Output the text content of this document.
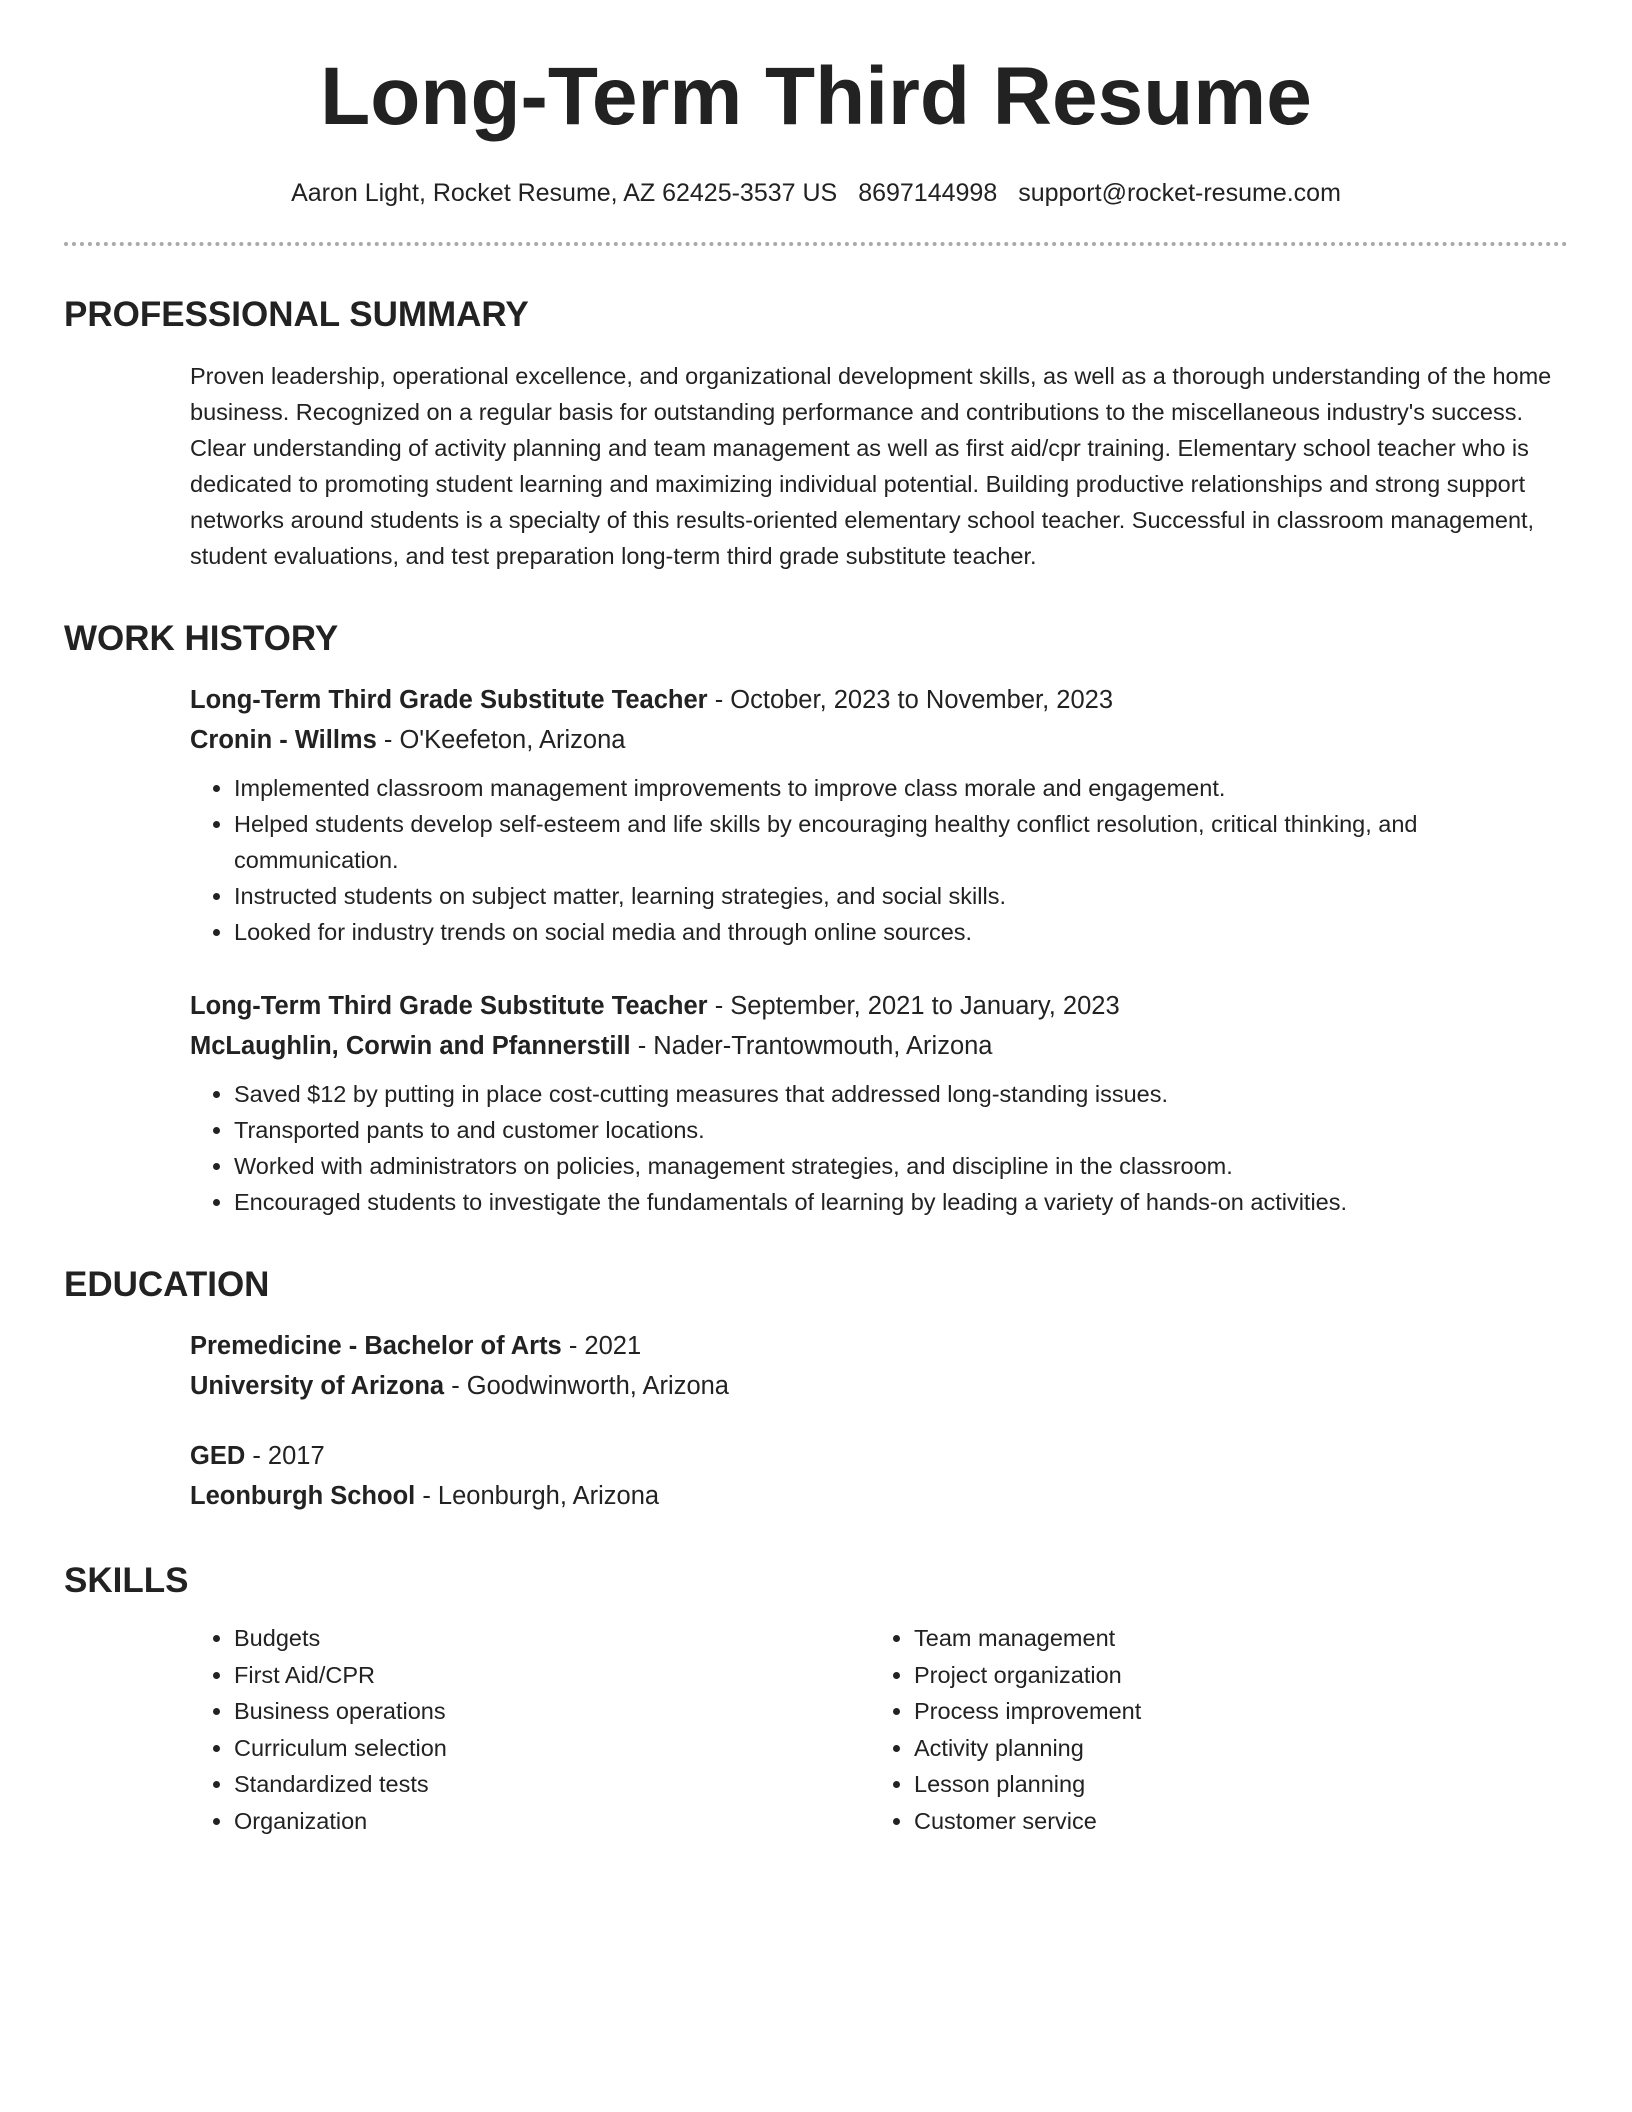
Long-Term Third Resume
Aaron Light, Rocket Resume, AZ 62425-3537 US 8697144998 support@rocket-resume.com
PROFESSIONAL SUMMARY
Proven leadership, operational excellence, and organizational development skills, as well as a thorough understanding of the home business. Recognized on a regular basis for outstanding performance and contributions to the miscellaneous industry's success. Clear understanding of activity planning and team management as well as first aid/cpr training. Elementary school teacher who is dedicated to promoting student learning and maximizing individual potential. Building productive relationships and strong support networks around students is a specialty of this results-oriented elementary school teacher. Successful in classroom management, student evaluations, and test preparation long-term third grade substitute teacher.
WORK HISTORY
Long-Term Third Grade Substitute Teacher - October, 2023 to November, 2023
Cronin - Willms - O'Keefeton, Arizona
• Implemented classroom management improvements to improve class morale and engagement.
• Helped students develop self-esteem and life skills by encouraging healthy conflict resolution, critical thinking, and communication.
• Instructed students on subject matter, learning strategies, and social skills.
• Looked for industry trends on social media and through online sources.
Long-Term Third Grade Substitute Teacher - September, 2021 to January, 2023
McLaughlin, Corwin and Pfannerstill - Nader-Trantowmouth, Arizona
• Saved $12 by putting in place cost-cutting measures that addressed long-standing issues.
• Transported pants to and customer locations.
• Worked with administrators on policies, management strategies, and discipline in the classroom.
• Encouraged students to investigate the fundamentals of learning by leading a variety of hands-on activities.
EDUCATION
Premedicine - Bachelor of Arts - 2021
University of Arizona - Goodwinworth, Arizona
GED - 2017
Leonburgh School - Leonburgh, Arizona
SKILLS
• Budgets
• First Aid/CPR
• Business operations
• Curriculum selection
• Standardized tests
• Organization
• Team management
• Project organization
• Process improvement
• Activity planning
• Lesson planning
• Customer service
